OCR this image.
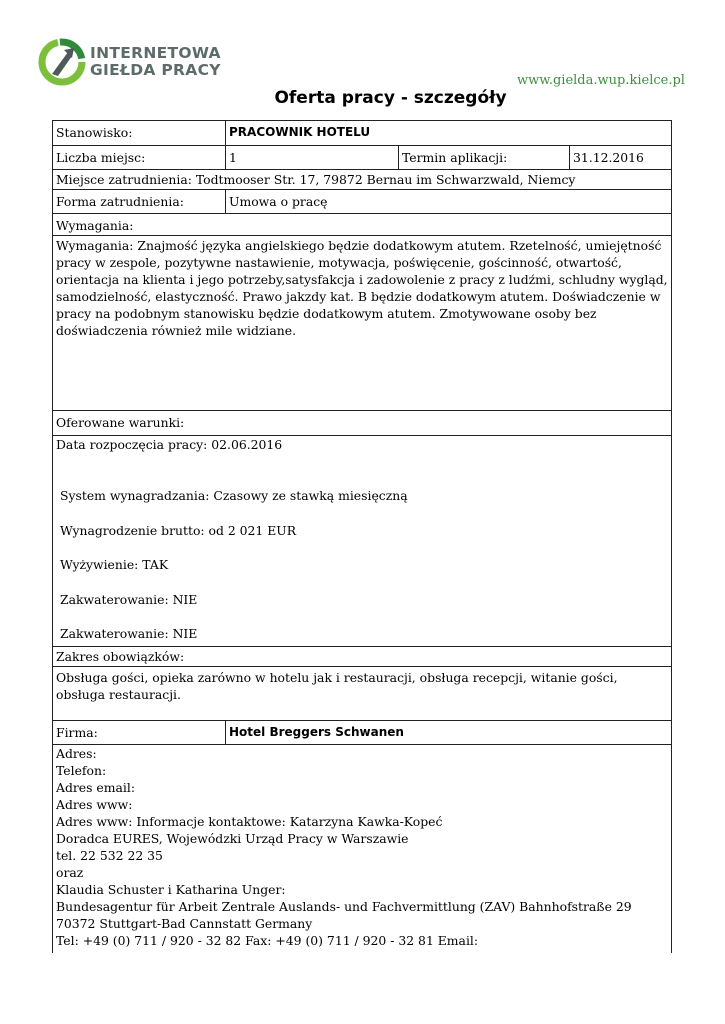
INTERNETOWA
GIEŁDA PRACY
www.gielda.wup.kielce.pl
Oferta pracy - szczegóły
Stanowisko:	PRACOWNIK HOTELU
Liczba miejsc:	1	Termin aplikacji:	31.12.2016
Miejsce zatrudnienia: Todtmooser Str. 17, 79872 Bernau im Schwarzwald, Niemcy
Forma zatrudnienia:	Umowa o pracę
Wymagania:
Wymagania: Znajmość języka angielskiego będzie dodatkowym atutem. Rzetelność, umiejętność pracy w zespole, pozytywne nastawienie, motywacja, poświęcenie, gościnność, otwartość, orientacja na klienta i jego potrzeby,satysfakcja i zadowolenie z pracy z ludźmi, schludny wygląd, samodzielność, elastyczność. Prawo jakzdy kat. B będzie dodatkowym atutem. Doświadczenie w pracy na podobnym stanowisku będzie dodatkowym atutem. Zmotywowane osoby bez doświadczenia również mile widziane.
Oferowane warunki:
Data rozpoczęcia pracy: 02.06.2016
System wynagradzania: Czasowy ze stawką miesięczną
Wynagrodzenie brutto: od 2 021 EUR
Wyżywienie: TAK
Zakwaterowanie: NIE
Zakwaterowanie: NIE
Zakres obowiązków:
Obsługa gości, opieka zarówno w hotelu jak i restauracji, obsługa recepcji, witanie gości, obsługa restauracji.
Firma:	Hotel Breggers Schwanen
Adres:
Telefon:
Adres email:
Adres www:
Adres www: Informacje kontaktowe: Katarzyna Kawka-Kopeć
Doradca EURES, Wojewódzki Urząd Pracy w Warszawie
tel. 22 532 22 35
oraz
Klaudia Schuster i Katharina Unger:
Bundesagentur für Arbeit Zentrale Auslands- und Fachvermittlung (ZAV) Bahnhofstraße 29 70372 Stuttgart-Bad Cannstatt Germany
Tel: +49 (0) 711 / 920 - 32 82 Fax: +49 (0) 711 / 920 - 32 81 Email:
